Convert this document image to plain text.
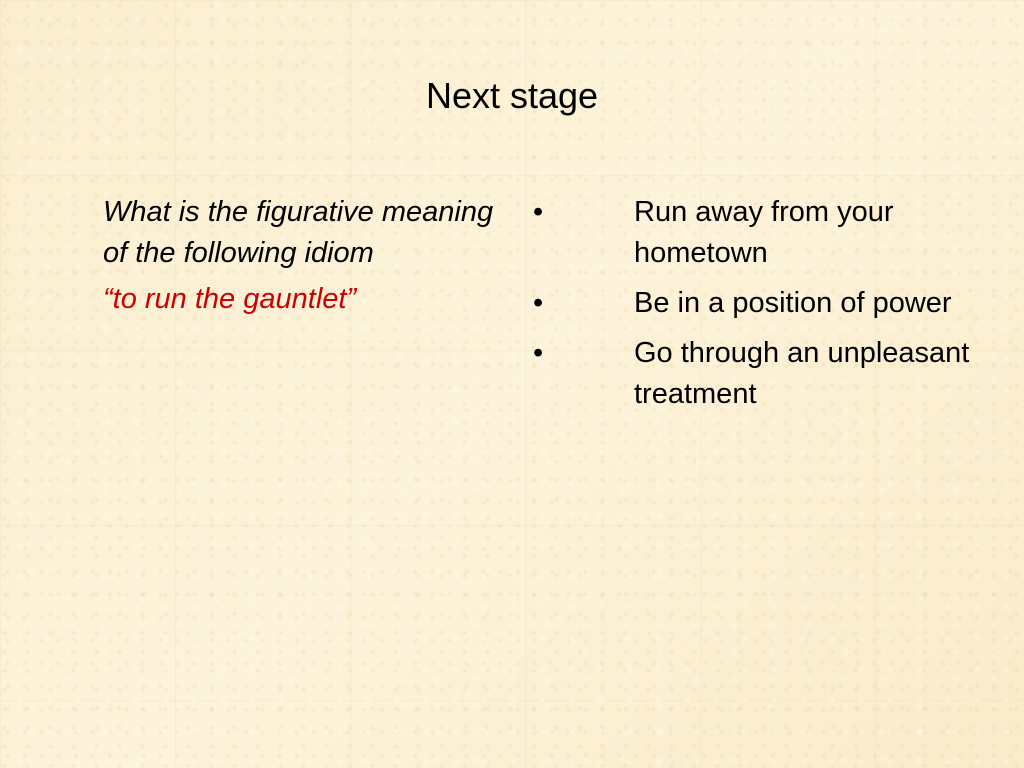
Next stage

What is the figurative meaning of the following idiom

“to run the gauntlet”

•	Run away from your hometown
•	Be in a position of power
•	Go through an unpleasant treatment
